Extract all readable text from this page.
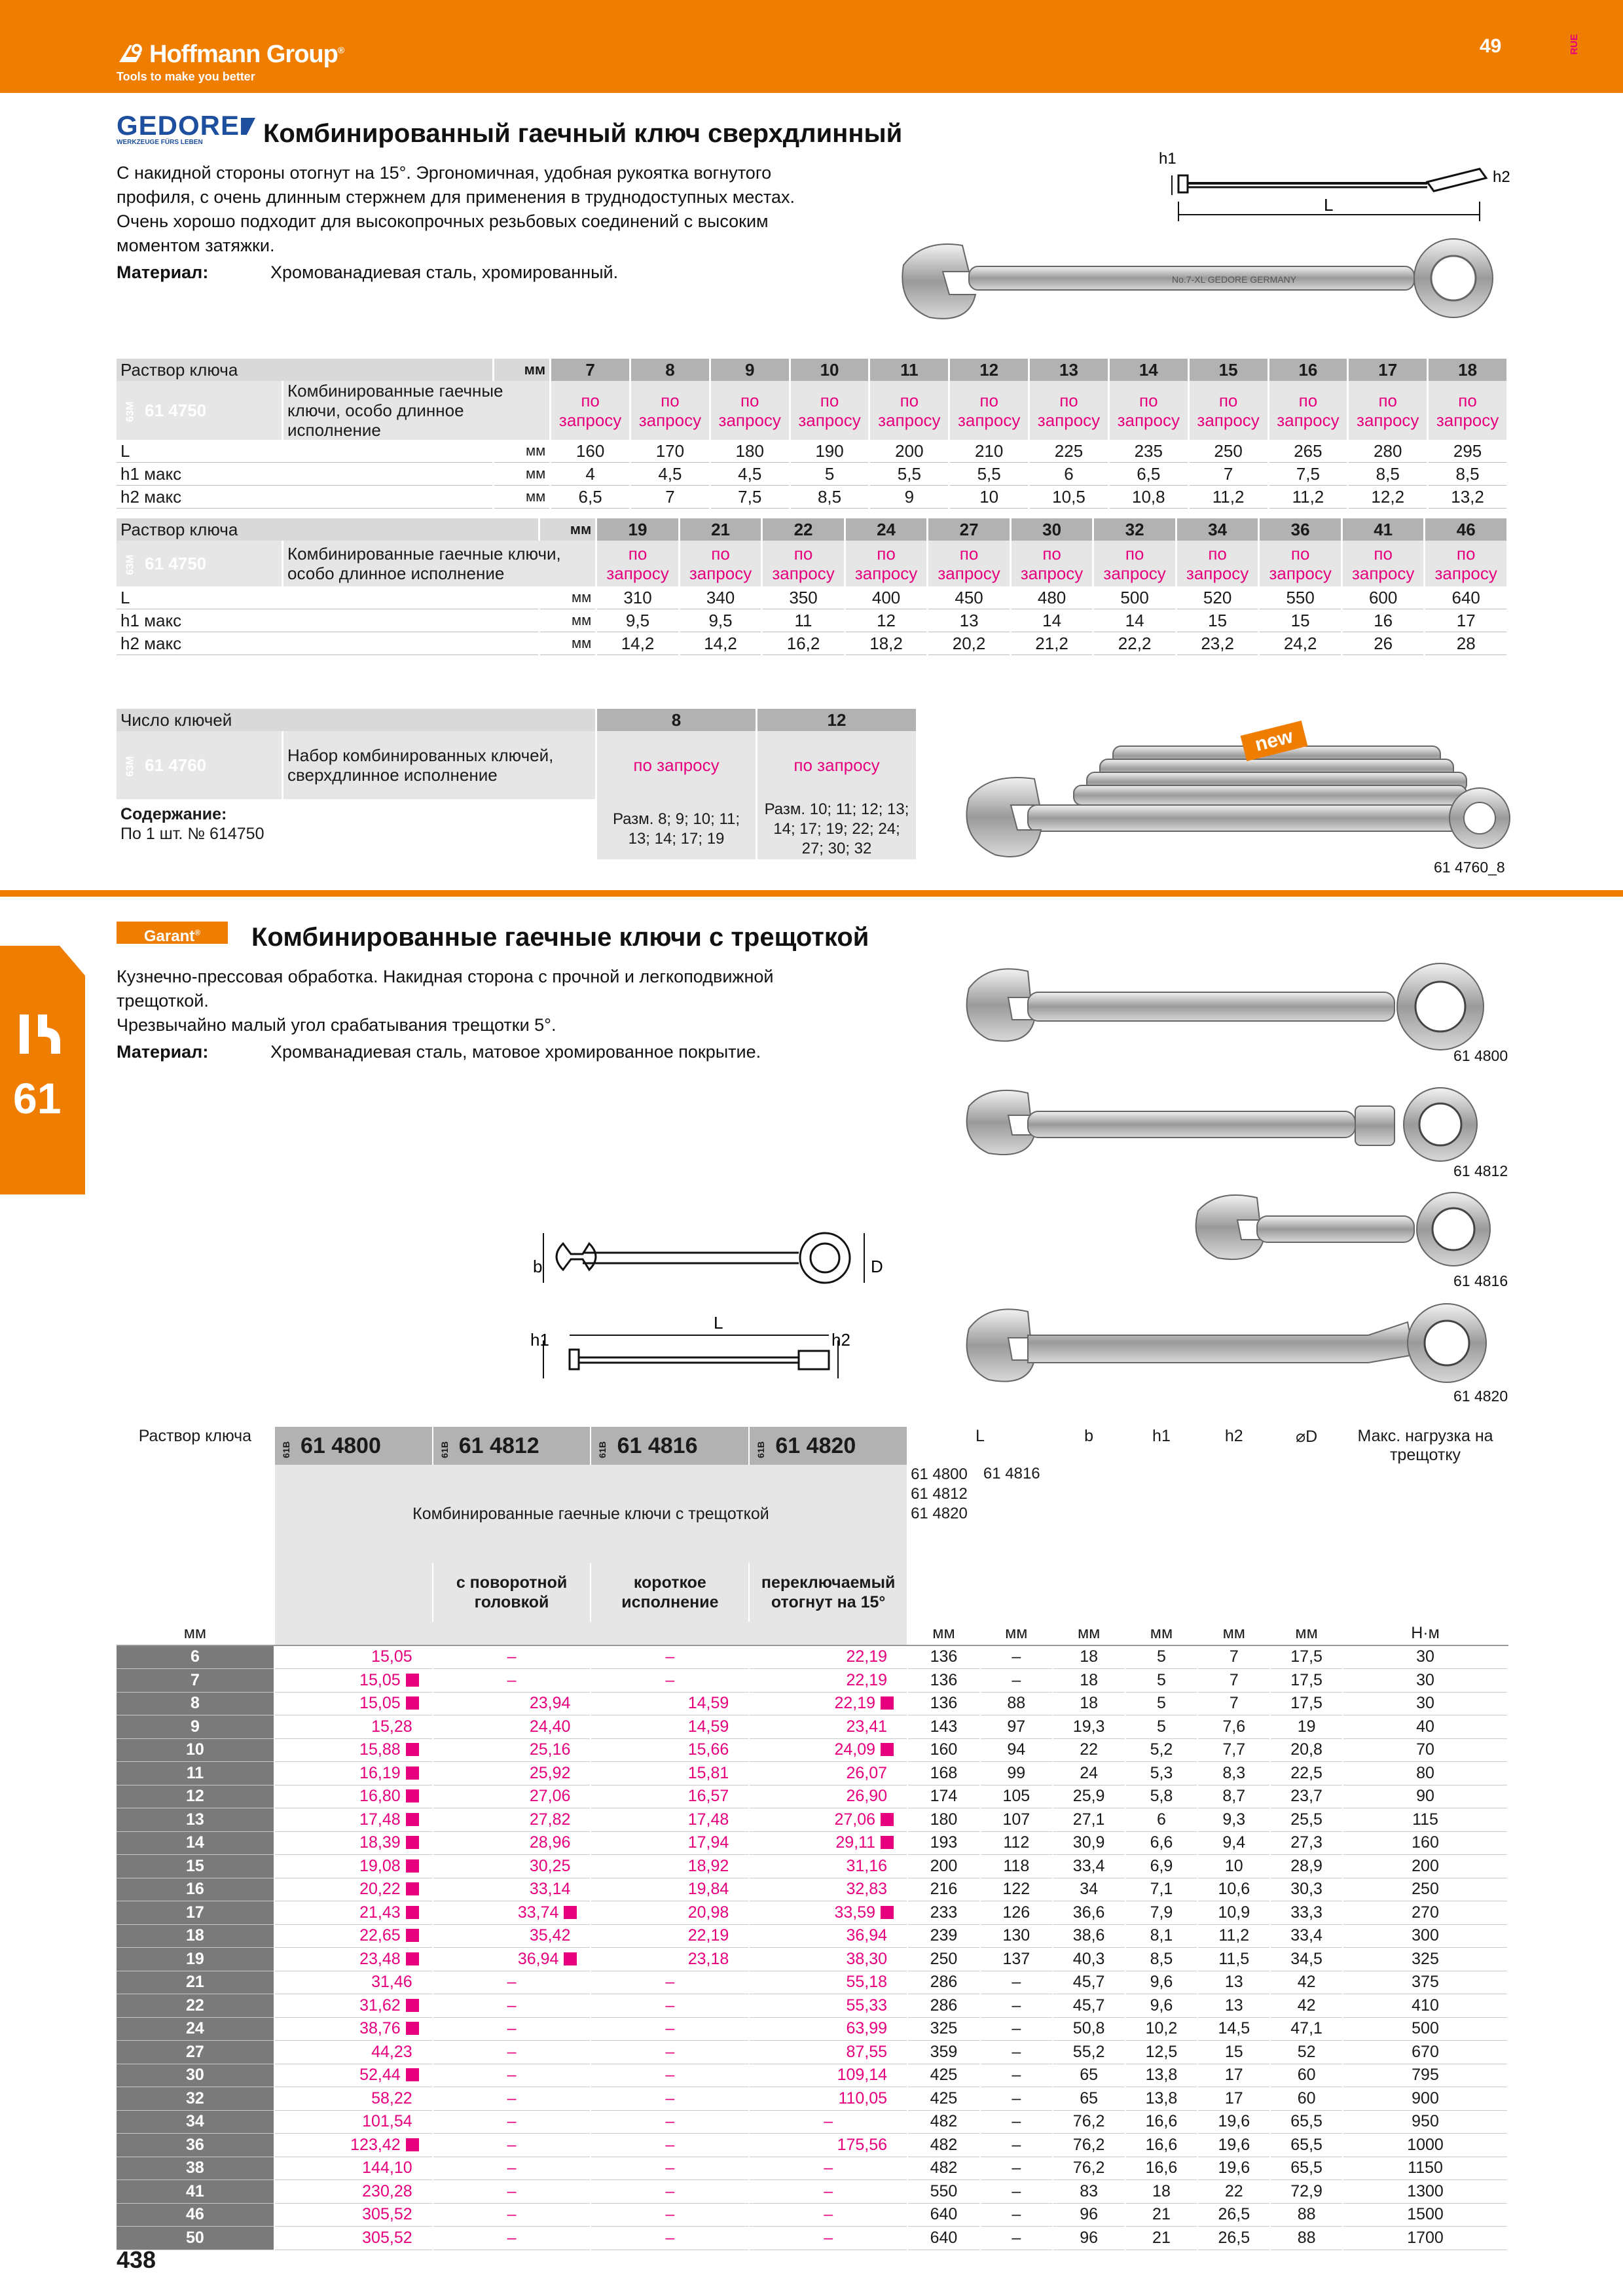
Hoffmann Group®
Tools to make you better
49	RUE
GEDORE
WERKZEUGE FÜRS LEBEN	Комбинированный гаечный ключ сверхдлинный
С накидной стороны отогнут на 15°. Эргономичная, удобная рукоятка вогнутого
профиля, с очень длинным стержнем для применения в труднодоступных местах.
Очень хорошо подходит для высокопрочных резьбовых соединений с высоким
моментом затяжки.
Материал:	Хромованадиевая сталь, хромированный.
h1
h2
L
No.7-XL GEDORE GERMANY
Раствор ключа		мм	7	8	9	10	11	12	13	14	15	16	17	18
63M 61 4750	Комбинированные гаечные ключи, особо длинное исполнение		по запросу	по запросу	по запросу	по запросу	по запросу	по запросу	по запросу	по запросу	по запросу	по запросу	по запросу	по запросу
L		мм	160	170	180	190	200	210	225	235	250	265	280	295
h1 макс		мм	4	4,5	4,5	5	5,5	5,5	6	6,5	7	7,5	8,5	8,5
h2 макс		мм	6,5	7	7,5	8,5	9	10	10,5	10,8	11,2	11,2	12,2	13,2
Раствор ключа		мм	19	21	22	24	27	30	32	34	36	41	46
63M 61 4750	Комбинированные гаечные ключи, особо длинное исполнение		по запросу	по запросу	по запросу	по запросу	по запросу	по запросу	по запросу	по запросу	по запросу	по запросу	по запросу
L		мм	310	340	350	400	450	480	500	520	550	600	640
h1 макс		мм	9,5	9,5	11	12	13	14	14	15	15	16	17
h2 макс		мм	14,2	14,2	16,2	18,2	20,2	21,2	22,2	23,2	24,2	26	28
Число ключей		8	12
63M 61 4760	Набор комбинированных ключей, сверхдлинное исполнение	по запросу	по запросу

Содержание:
По 1 шт. № 614750		Разм. 8; 9; 10; 11; 13; 14; 17; 19	Разм. 10; 11; 12; 13; 14; 17; 19; 22; 24; 27; 30; 32
new
61 4760_8
61
Garant®	Комбинированные гаечные ключи с трещоткой
Кузнечно-прессовая обработка. Накидная сторона с прочной и легкоподвижной
трещоткой.
Чрезвычайно малый угол срабатывания трещотки 5°.
Материал:	Хромванадиевая сталь, матовое хромированное покрытие.	61 4800
61 4812
61 4816
61 4820
b	D
h1	h2
L
Раствор ключа	61B 61 4800	61B 61 4812	61B 61 4816	61B 61 4820	L		b	h1	h2	⌀D	Макс. нагрузка на трещотку
	Комбинированные гаечные ключи с трещоткой				61 4800
61 4812
61 4820	61 4816					
		с поворотной головкой	короткое исполнение	переключаемый отогнут на 15°							
мм					мм	мм	мм	мм	мм	мм	Н·м
6	15,05	–	–	22,19	136	–	18	5	7	17,5	30
7	15,05	–	–	22,19	136	–	18	5	7	17,5	30
8	15,05	23,94	14,59	22,19	136	88	18	5	7	17,5	30
9	15,28	24,40	14,59	23,41	143	97	19,3	5	7,6	19	40
10	15,88	25,16	15,66	24,09	160	94	22	5,2	7,7	20,8	70
11	16,19	25,92	15,81	26,07	168	99	24	5,3	8,3	22,5	80
12	16,80	27,06	16,57	26,90	174	105	25,9	5,8	8,7	23,7	90
13	17,48	27,82	17,48	27,06	180	107	27,1	6	9,3	25,5	115
14	18,39	28,96	17,94	29,11	193	112	30,9	6,6	9,4	27,3	160
15	19,08	30,25	18,92	31,16	200	118	33,4	6,9	10	28,9	200
16	20,22	33,14	19,84	32,83	216	122	34	7,1	10,6	30,3	250
17	21,43	33,74	20,98	33,59	233	126	36,6	7,9	10,9	33,3	270
18	22,65	35,42	22,19	36,94	239	130	38,6	8,1	11,2	33,4	300
19	23,48	36,94	23,18	38,30	250	137	40,3	8,5	11,5	34,5	325
21	31,46	–	–	55,18	286	–	45,7	9,6	13	42	375
22	31,62	–	–	55,33	286	–	45,7	9,6	13	42	410
24	38,76	–	–	63,99	325	–	50,8	10,2	14,5	47,1	500
27	44,23	–	–	87,55	359	–	55,2	12,5	15	52	670
30	52,44	–	–	109,14	425	–	65	13,8	17	60	795
32	58,22	–	–	110,05	425	–	65	13,8	17	60	900
34	101,54	–	–	–	482	–	76,2	16,6	19,6	65,5	950
36	123,42	–	–	175,56	482	–	76,2	16,6	19,6	65,5	1000
38	144,10	–	–	–	482	–	76,2	16,6	19,6	65,5	1150
41	230,28	–	–	–	550	–	83	18	22	72,9	1300
46	305,52	–	–	–	640	–	96	21	26,5	88	1500
50	305,52	–	–	–	640	–	96	21	26,5	88	1700
438
